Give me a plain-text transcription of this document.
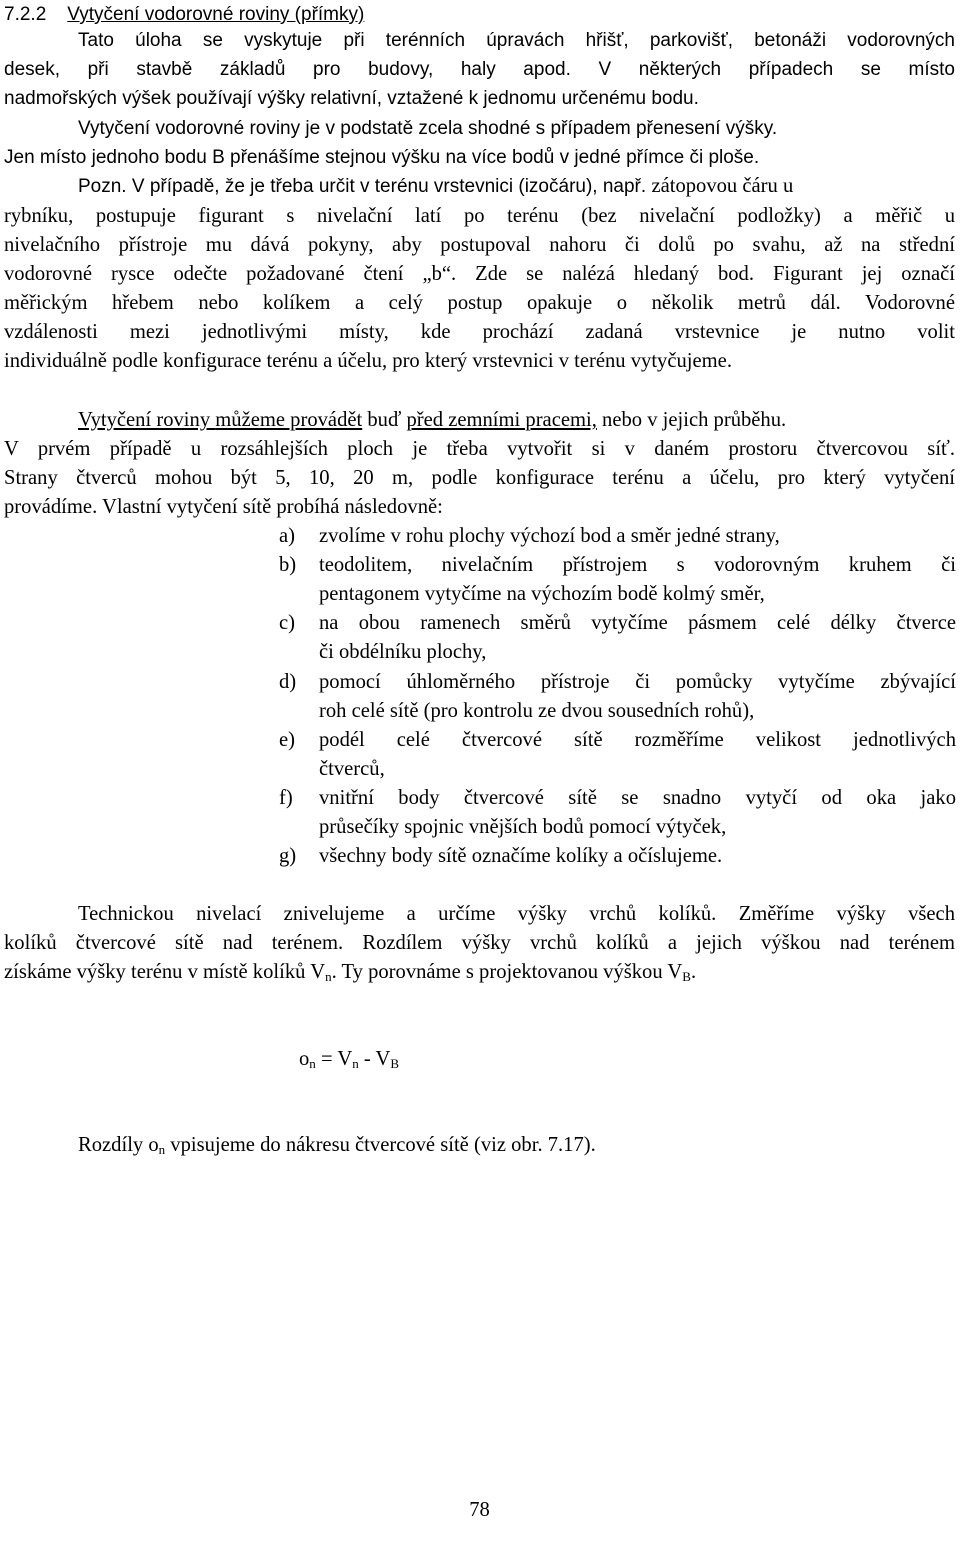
7.2.2 Vytyčení vodorovné roviny (přímky)
Tato úloha se vyskytuje při terénních úpravách hřišť, parkovišť, betonáži vodorovných
desek, při stavbě základů pro budovy, haly apod. V některých případech se místo
nadmořských výšek používají výšky relativní, vztažené k jednomu určenému bodu.
Vytyčení vodorovné roviny je v podstatě zcela shodné s případem přenesení výšky.
Jen místo jednoho bodu B přenášíme stejnou výšku na více bodů v jedné přímce či ploše.
Pozn. V případě, že je třeba určit v terénu vrstevnici (izočáru), např. zátopovou čáru u
rybníku, postupuje figurant s nivelační latí po terénu (bez nivelační podložky) a měřič u
nivelačního přístroje mu dává pokyny, aby postupoval nahoru či dolů po svahu, až na střední
vodorovné rysce odečte požadované čtení „b“. Zde se nalézá hledaný bod. Figurant jej označí
měřickým hřebem nebo kolíkem a celý postup opakuje o několik metrů dál. Vodorovné
vzdálenosti mezi jednotlivými místy, kde prochází zadaná vrstevnice je nutno volit
individuálně podle konfigurace terénu a účelu, pro který vrstevnici v terénu vytyčujeme.
Vytyčení roviny můžeme provádět buď před zemními pracemi, nebo v jejich průběhu.
V prvém případě u rozsáhlejších ploch je třeba vytvořit si v daném prostoru čtvercovou síť.
Strany čtverců mohou být 5, 10, 20 m, podle konfigurace terénu a účelu, pro který vytyčení
provádíme. Vlastní vytyčení sítě probíhá následovně:
a)	zvolíme v rohu plochy výchozí bod a směr jedné strany,
b)	teodolitem, nivelačním přístrojem s vodorovným kruhem či
pentagonem vytyčíme na výchozím bodě kolmý směr,
c)	na obou ramenech směrů vytyčíme pásmem celé délky čtverce
či obdélníku plochy,
d)	pomocí úhloměrného přístroje či pomůcky vytyčíme zbývající
roh celé sítě (pro kontrolu ze dvou sousedních rohů),
e)	podél celé čtvercové sítě rozměříme velikost jednotlivých
čtverců,
f)	vnitřní body čtvercové sítě se snadno vytyčí od oka jako
průsečíky spojnic vnějších bodů pomocí výtyček,
g)	všechny body sítě označíme kolíky a očíslujeme.
Technickou nivelací znivelujeme a určíme výšky vrchů kolíků. Změříme výšky všech
kolíků čtvercové sítě nad terénem. Rozdílem výšky vrchů kolíků a jejich výškou nad terénem
získáme výšky terénu v místě kolíků $V_n$. Ty porovnáme s projektovanou výškou $V_B$.
$o_n = V_n - V_B$
Rozdíly $o_n$ vpisujeme do nákresu čtvercové sítě (viz obr. 7.17).
78
